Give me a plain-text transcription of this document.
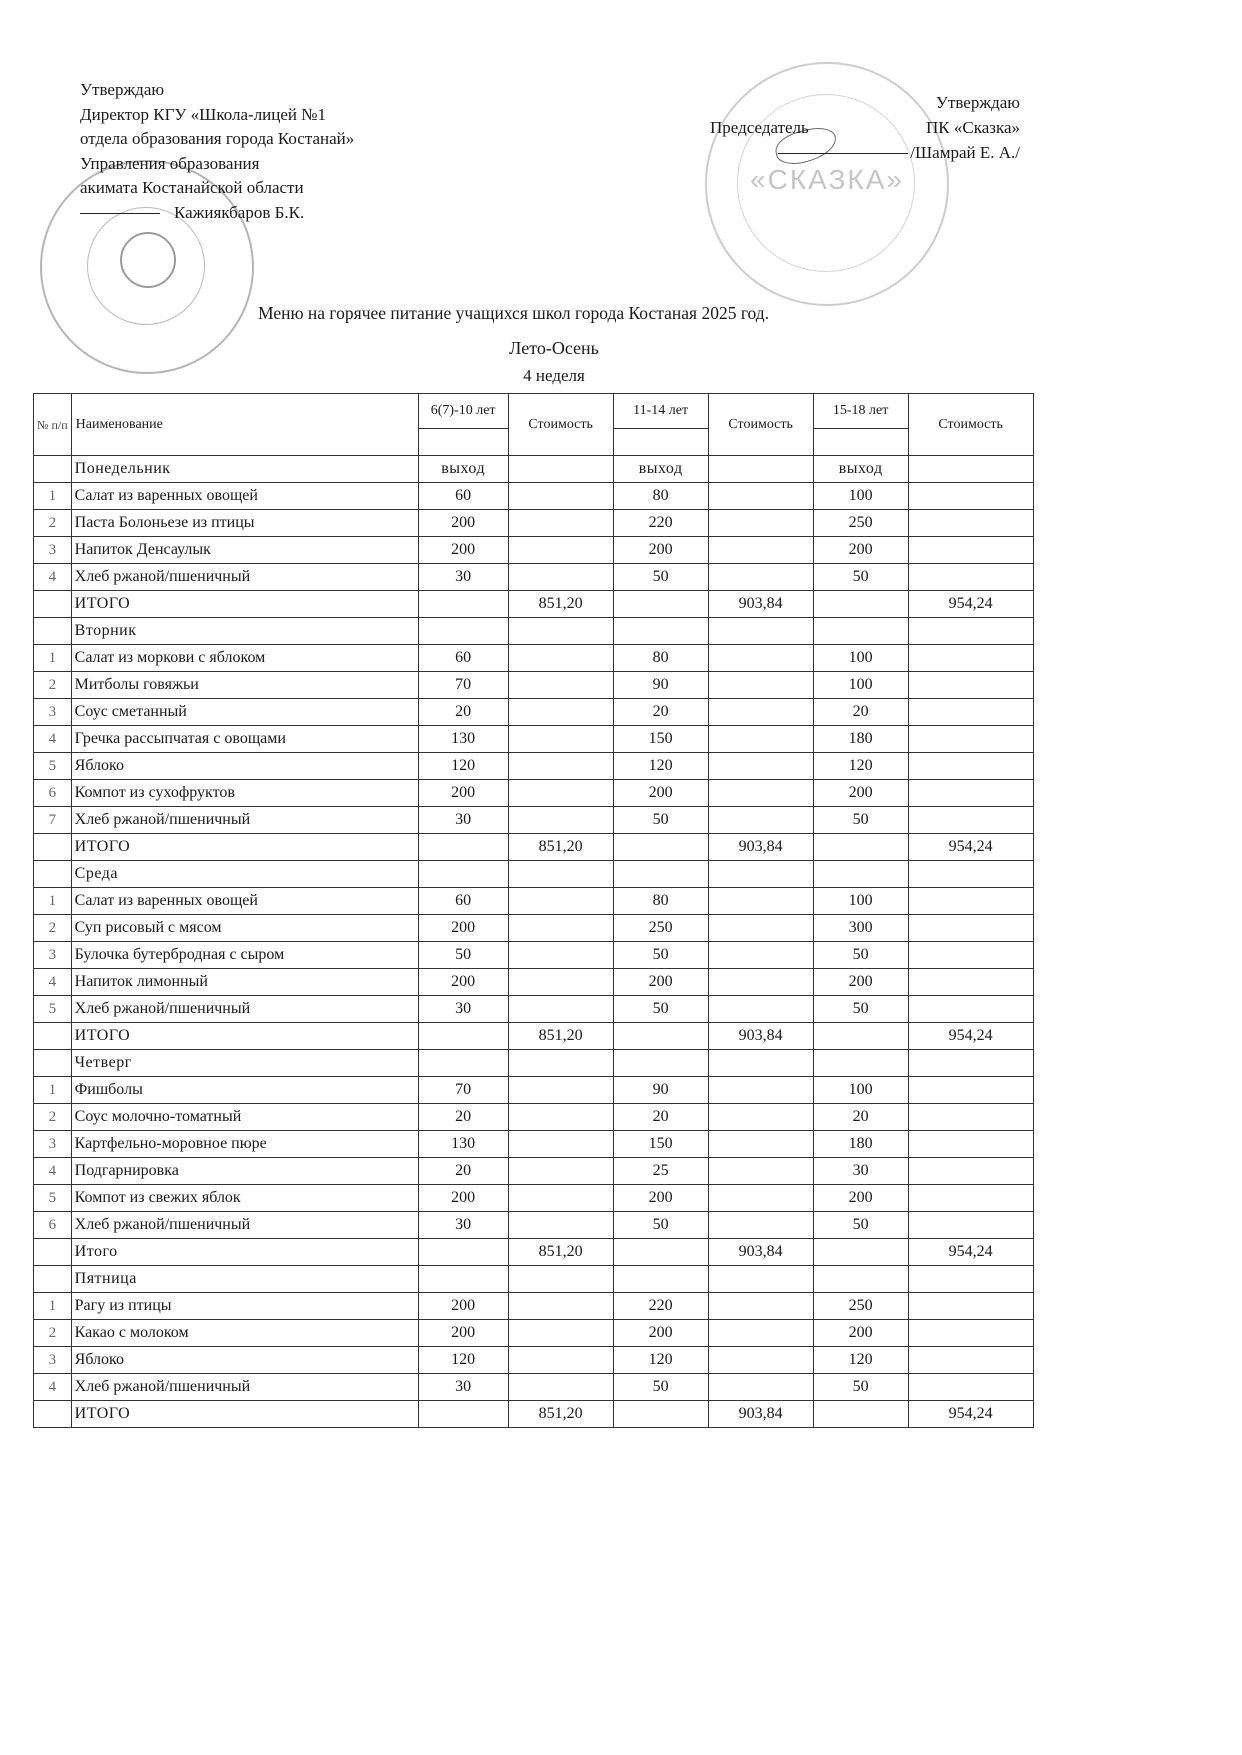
«СКАЗКА»
Утверждаю
Директор КГУ «Школа-лицей №1
отдела образования города Костанай»
Управления образования
акимата Костанайской области
Кажиякбаров Б.К.
Утверждаю
Председатель	ПК «Сказка»
/Шамрай Е. А./
Меню на горячее питание учащихся школ города Костаная 2025 год.
Лето-Осень
4 неделя
№ п/п	Наименование	6(7)-10 лет	Стоимость	11-14 лет	Стоимость	15-18 лет	Стоимость

	Понедельник	выход		выход		выход	
1	Салат из варенных овощей	60		80		100	
2	Паста Болоньезе из птицы	200		220		250	
3	Напиток Денсаулык	200		200		200	
4	Хлеб ржаной/пшеничный	30		50		50	
	ИТОГО		851,20		903,84		954,24
	Вторник						
1	Салат из моркови с яблоком	60		80		100	
2	Митболы говяжьи	70		90		100	
3	Соус сметанный	20		20		20	
4	Гречка рассыпчатая с овощами	130		150		180	
5	Яблоко	120		120		120	
6	Компот из сухофруктов	200		200		200	
7	Хлеб ржаной/пшеничный	30		50		50	
	ИТОГО		851,20		903,84		954,24
	Среда						
1	Салат из варенных овощей	60		80		100	
2	Суп рисовый с мясом	200		250		300	
3	Булочка бутербродная с сыром	50		50		50	
4	Напиток лимонный	200		200		200	
5	Хлеб ржаной/пшеничный	30		50		50	
	ИТОГО		851,20		903,84		954,24
	Четверг						
1	Фишболы	70		90		100	
2	Соус молочно-томатный	20		20		20	
3	Картфельно-моровное пюре	130		150		180	
4	Подгарнировка	20		25		30	
5	Компот из свежих яблок	200		200		200	
6	Хлеб ржаной/пшеничный	30		50		50	
	Итого		851,20		903,84		954,24
	Пятница						
1	Рагу из птицы	200		220		250	
2	Какао с молоком	200		200		200	
3	Яблоко	120		120		120	
4	Хлеб ржаной/пшеничный	30		50		50	
	ИТОГО		851,20		903,84		954,24
